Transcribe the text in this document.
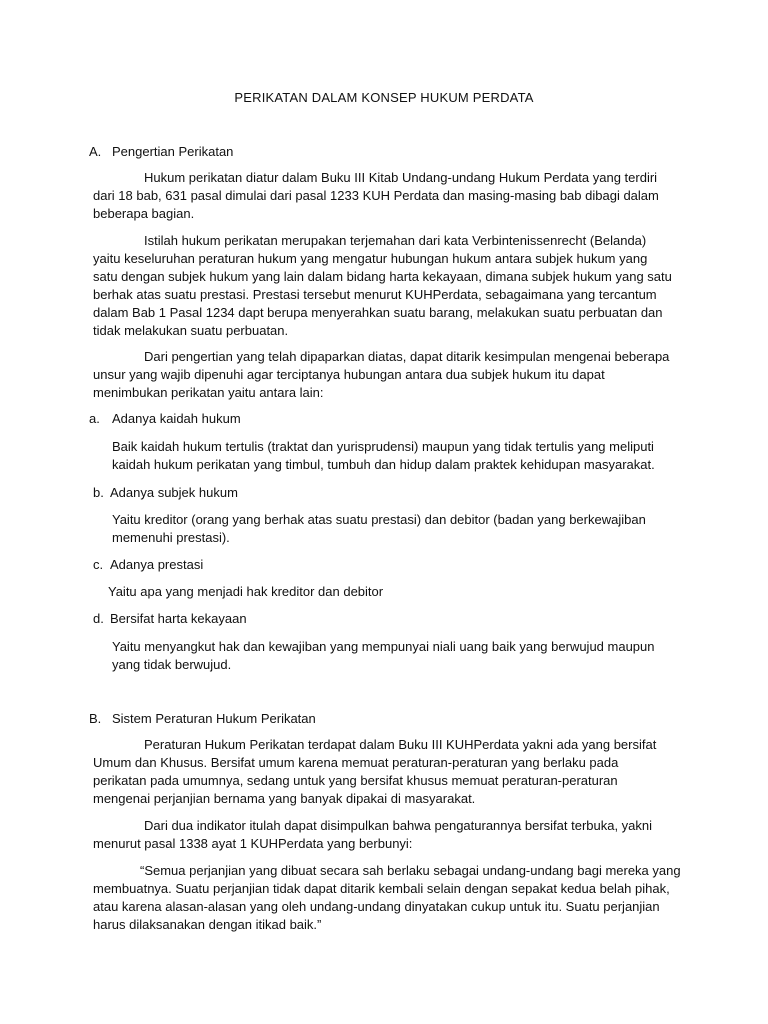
PERIKATAN DALAM KONSEP HUKUM PERDATA
A. Pengertian Perikatan
Hukum perikatan diatur dalam Buku III Kitab Undang-undang Hukum Perdata yang terdiri
dari 18 bab, 631 pasal dimulai dari pasal 1233 KUH Perdata dan masing-masing bab dibagi dalam
beberapa bagian.
Istilah hukum perikatan merupakan terjemahan dari kata Verbintenissenrecht (Belanda)
yaitu keseluruhan peraturan hukum yang mengatur hubungan hukum antara subjek hukum yang
satu dengan subjek hukum yang lain dalam bidang harta kekayaan, dimana subjek hukum yang satu
berhak atas suatu prestasi. Prestasi tersebut menurut KUHPerdata, sebagaimana yang tercantum
dalam Bab 1 Pasal 1234 dapt berupa menyerahkan suatu barang, melakukan suatu perbuatan dan
tidak melakukan suatu perbuatan.
Dari pengertian yang telah dipaparkan diatas, dapat ditarik kesimpulan mengenai beberapa
unsur yang wajib dipenuhi agar terciptanya hubungan antara dua subjek hukum itu dapat
menimbukan perikatan yaitu antara lain:
a. Adanya kaidah hukum
Baik kaidah hukum tertulis (traktat dan yurisprudensi) maupun yang tidak tertulis yang meliputi
kaidah hukum perikatan yang timbul, tumbuh dan hidup dalam praktek kehidupan masyarakat.
b. Adanya subjek hukum
Yaitu kreditor (orang yang berhak atas suatu prestasi) dan debitor (badan yang berkewajiban
memenuhi prestasi).
c. Adanya prestasi
Yaitu apa yang menjadi hak kreditor dan debitor
d. Bersifat harta kekayaan
Yaitu menyangkut hak dan kewajiban yang mempunyai niali uang baik yang berwujud maupun
yang tidak berwujud.
B. Sistem Peraturan Hukum Perikatan
Peraturan Hukum Perikatan terdapat dalam Buku III KUHPerdata yakni ada yang bersifat
Umum dan Khusus. Bersifat umum karena memuat peraturan-peraturan yang berlaku pada
perikatan pada umumnya, sedang untuk yang bersifat khusus memuat peraturan-peraturan
mengenai perjanjian bernama yang banyak dipakai di masyarakat.
Dari dua indikator itulah dapat disimpulkan bahwa pengaturannya bersifat terbuka, yakni
menurut pasal 1338 ayat 1 KUHPerdata yang berbunyi:
“Semua perjanjian yang dibuat secara sah berlaku sebagai undang-undang bagi mereka yang
membuatnya. Suatu perjanjian tidak dapat ditarik kembali selain dengan sepakat kedua belah pihak,
atau karena alasan-alasan yang oleh undang-undang dinyatakan cukup untuk itu. Suatu perjanjian
harus dilaksanakan dengan itikad baik.”
